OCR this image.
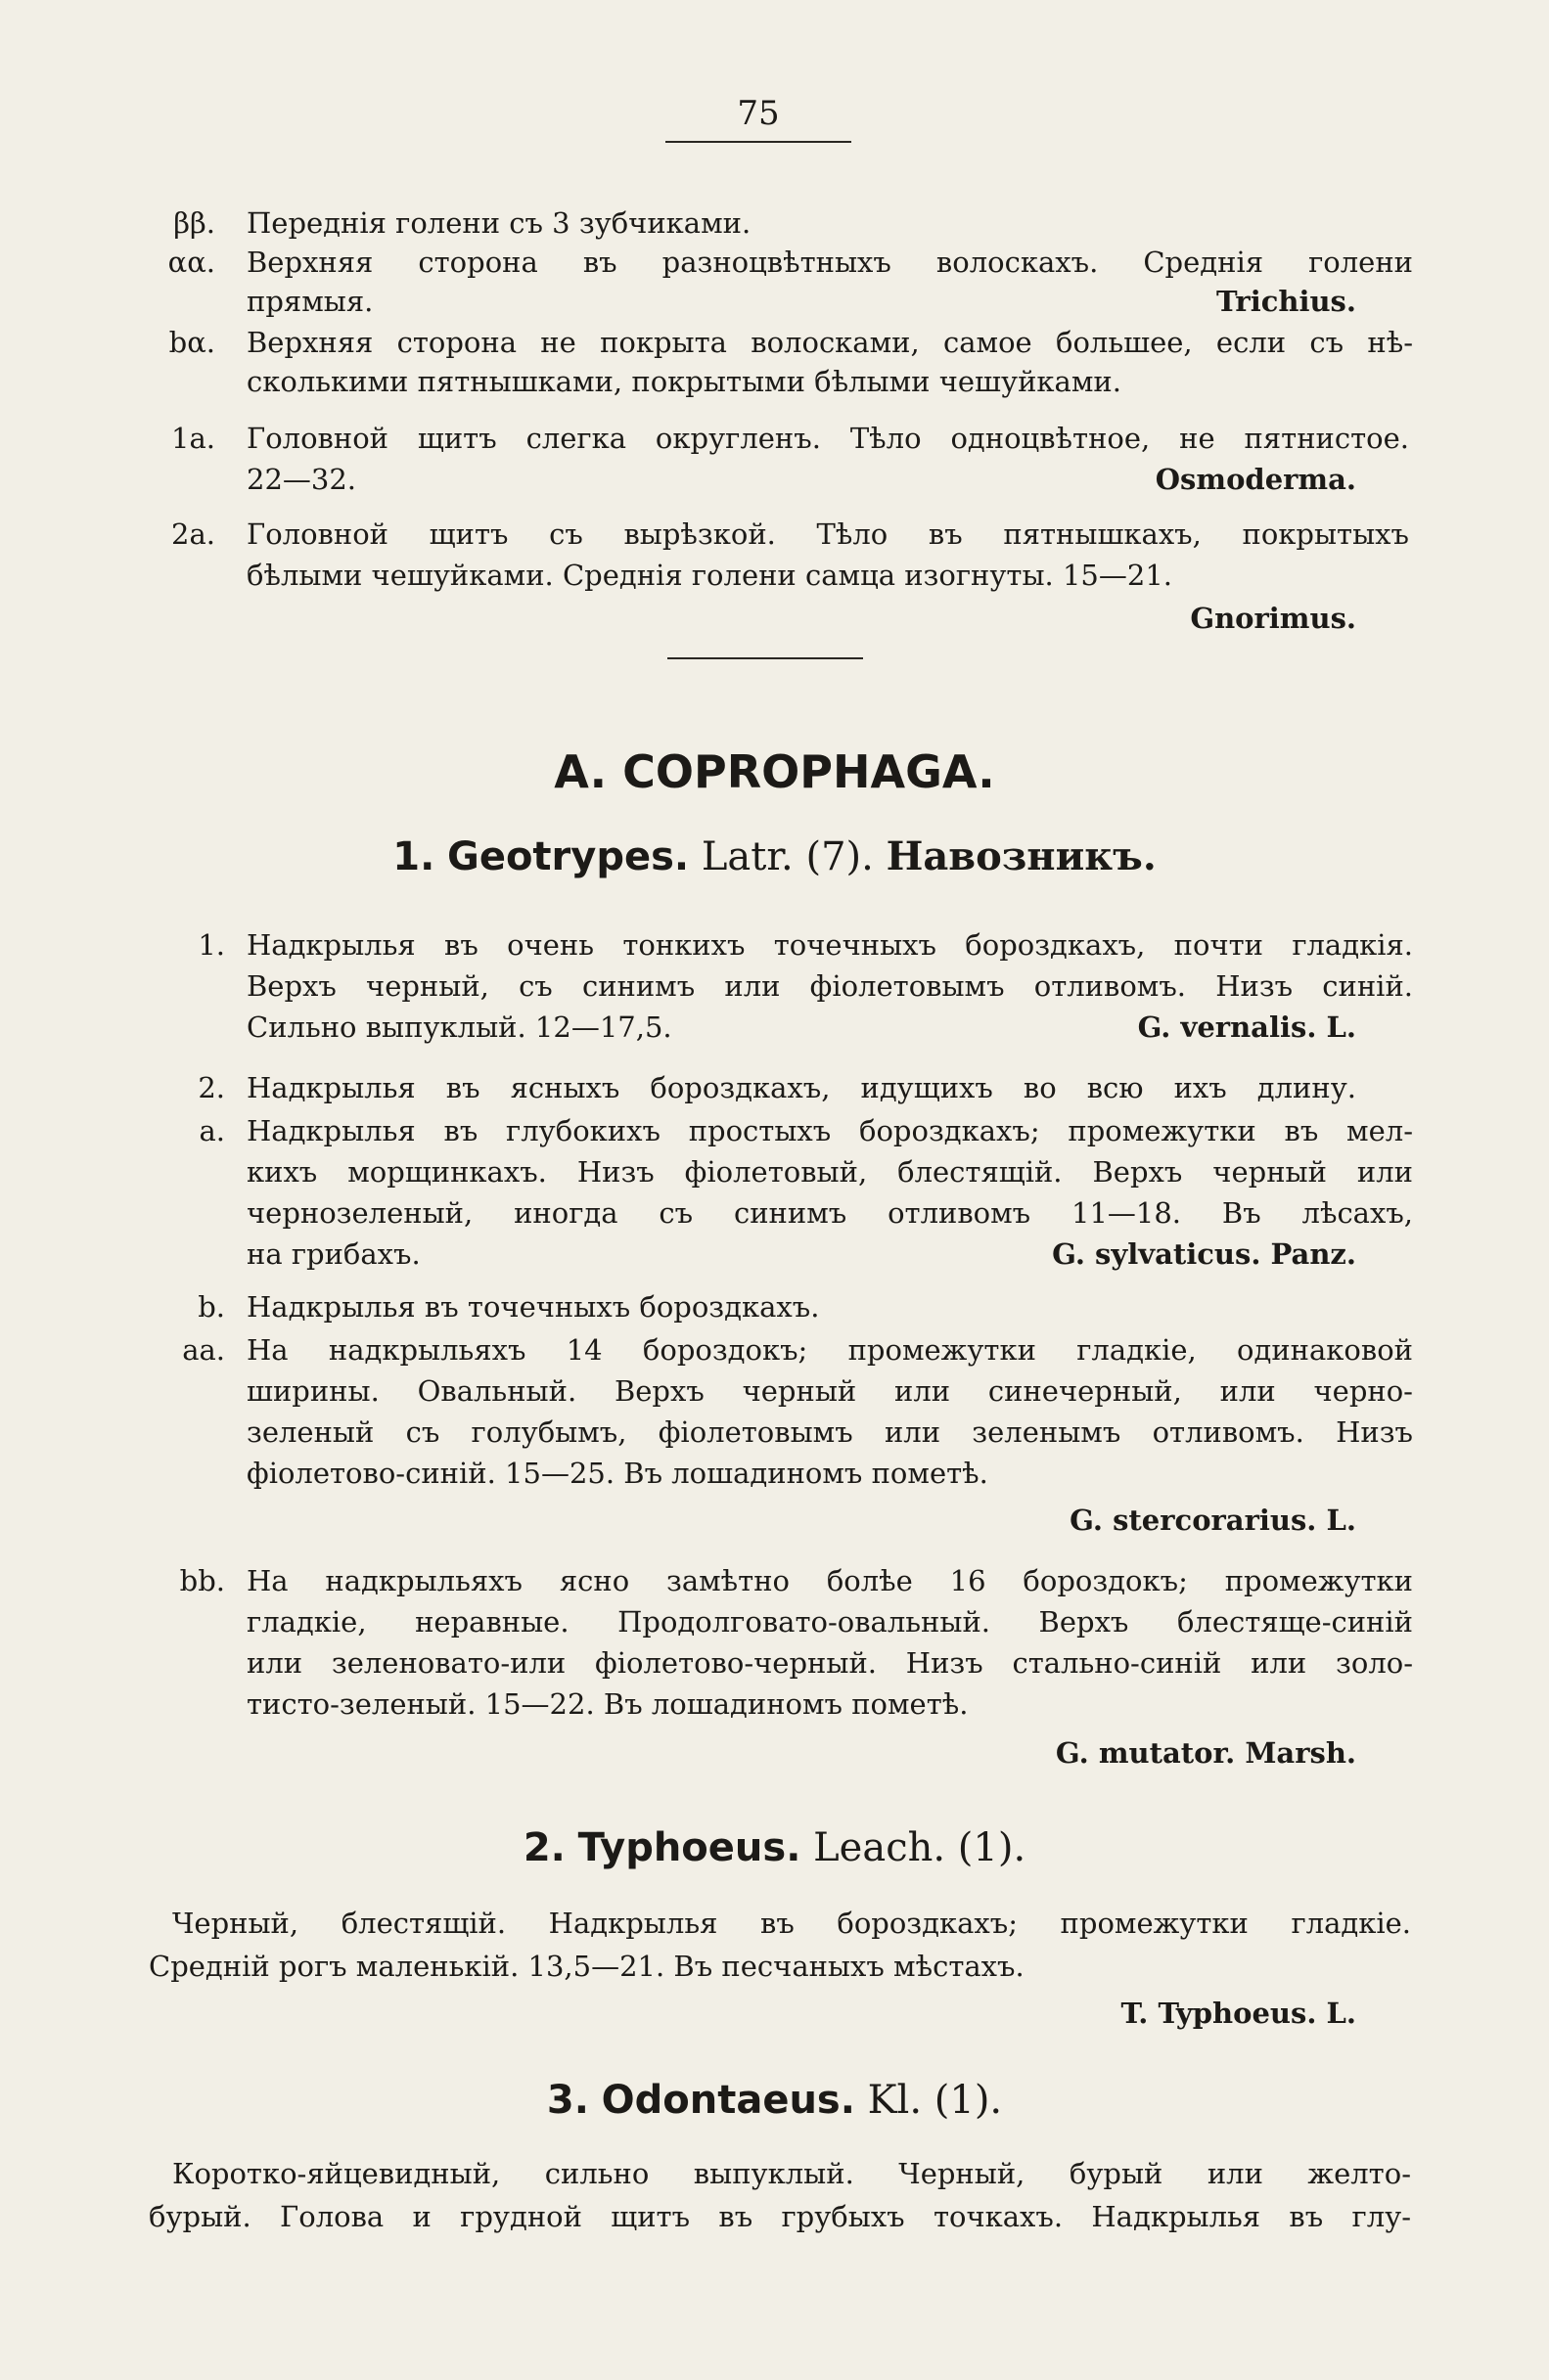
75
ββ. Переднія голени съ 3 зубчиками.
αα. Верхняя сторона въ разноцвѣтныхъ волоскахъ. Среднія голени
прямыя.	Trichius.
bα. Верхняя сторона не покрыта волосками, самое большее, если съ нѣ-
сколькими пятнышками, покрытыми бѣлыми чешуйками.
1a. Головной щитъ слегка округленъ. Тѣло одноцвѣтное, не пятнистое.
22—32.	Osmoderma.
2a. Головной щитъ съ вырѣзкой. Тѣло въ пятнышкахъ, покрытыхъ
бѣлыми чешуйками. Среднія голени самца изогнуты. 15—21.
Gnorimus.
A. COPROPHAGA.
1. Geotrypes. Latr. (7). Навозникъ.
1. Надкрылья въ очень тонкихъ точечныхъ бороздкахъ, почти гладкія.
Верхъ черный, съ синимъ или фіолетовымъ отливомъ. Низъ синій.
Сильно выпуклый. 12—17,5.	G. vernalis. L.
2. Надкрылья въ ясныхъ бороздкахъ, идущихъ во всю ихъ длину.
a. Надкрылья въ глубокихъ простыхъ бороздкахъ; промежутки въ мел-
кихъ морщинкахъ. Низъ фіолетовый, блестящій. Верхъ черный или
чернозеленый, иногда съ синимъ отливомъ 11—18. Въ лѣсахъ,
на грибахъ.	G. sylvaticus. Panz.
b. Надкрылья въ точечныхъ бороздкахъ.
aa. На надкрыльяхъ 14 бороздокъ; промежутки гладкіе, одинаковой
ширины. Овальный. Верхъ черный или синечерный, или черно-
зеленый съ голубымъ, фіолетовымъ или зеленымъ отливомъ. Низъ
фіолетово-синій. 15—25. Въ лошадиномъ пометѣ.
G. stercorarius. L.
bb. На надкрыльяхъ ясно замѣтно болѣе 16 бороздокъ; промежутки
гладкіе, неравные. Продолговато-овальный. Верхъ блестяще-синій
или зеленовато-или фіолетово-черный. Низъ стально-синій или золо-
тисто-зеленый. 15—22. Въ лошадиномъ пометѣ.
G. mutator. Marsh.
2. Typhoeus. Leach. (1).
Черный, блестящій. Надкрылья въ бороздкахъ; промежутки гладкіе.
Средній рогъ маленькій. 13,5—21. Въ песчаныхъ мѣстахъ.
T. Typhoeus. L.
3. Odontaeus. Kl. (1).
Коротко-яйцевидный, сильно выпуклый. Черный, бурый или желто-
бурый. Голова и грудной щитъ въ грубыхъ точкахъ. Надкрылья въ глу-
